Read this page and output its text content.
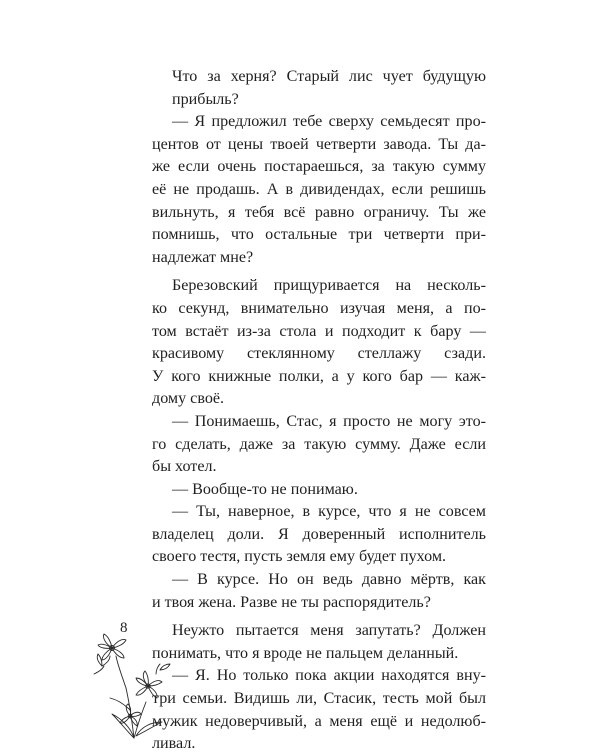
Что за херня? Старый лис чует будущую
прибыль?
— Я предложил тебе сверху семьдесят про-
центов от цены твоей четверти завода. Ты да-
же если очень постараешься, за такую сумму
её не продашь. А в дивидендах, если решишь
вильнуть, я тебя всё равно ограничу. Ты же
помнишь, что остальные три четверти при-
надлежат мне?
Березовский прищуривается на несколь-
ко секунд, внимательно изучая меня, а по-
том встаёт из-за стола и подходит к бару —
красивому стеклянному стеллажу сзади.
У кого книжные полки, а у кого бар — каж-
дому своё.
— Понимаешь, Стас, я просто не могу это-
го сделать, даже за такую сумму. Даже если
бы хотел.
— Вообще-то не понимаю.
— Ты, наверное, в курсе, что я не совсем
владелец доли. Я доверенный исполнитель
своего тестя, пусть земля ему будет пухом.
— В курсе. Но он ведь давно мёртв, как
и твоя жена. Разве не ты распорядитель?
Неужто пытается меня запутать? Должен
понимать, что я вроде не пальцем деланный.
— Я. Но только пока акции находятся вну-
три семьи. Видишь ли, Стасик, тесть мой был
мужик недоверчивый, а меня ещё и недолюб-
ливал.
8
